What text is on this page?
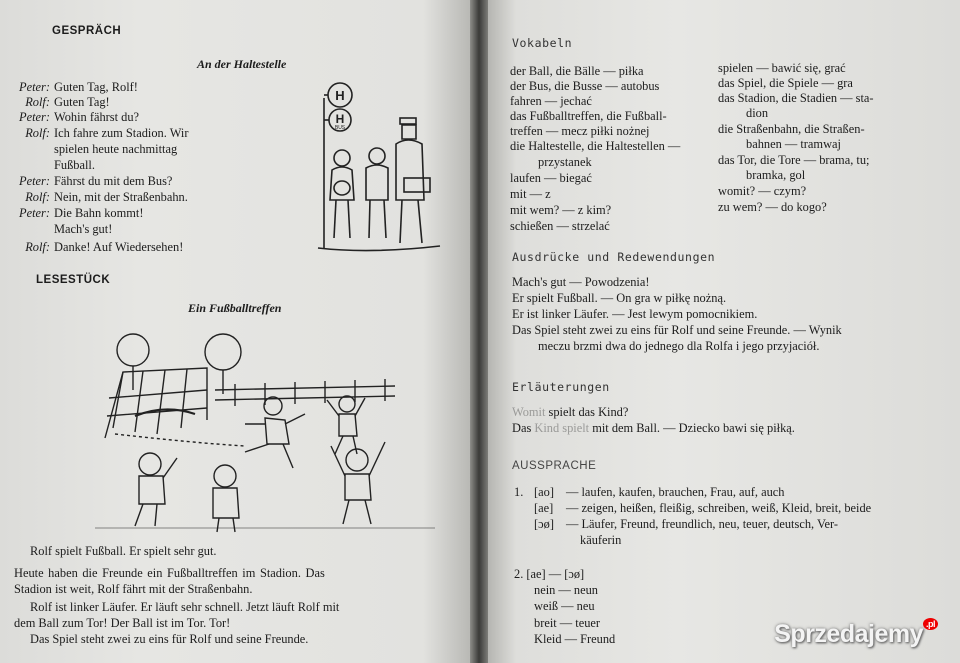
GESPRÄCH
An der Haltestelle
Peter: Guten Tag, Rolf!
Rolf: Guten Tag!
Peter: Wohin fährst du?
Rolf: Ich fahre zum Stadion. Wir
spielen heute nachmittag
Fußball.
Peter: Fährst du mit dem Bus?
Rolf: Nein, mit der Straßenbahn.
Peter: Die Bahn kommt!
Mach's gut!
Rolf: Danke! Auf Wiedersehen!
H
H
BUS
LESESTÜCK
Ein Fußballtreffen
Rolf spielt Fußball. Er spielt sehr gut.
Heute haben die Freunde ein Fußballtreffen im Stadion. Das
Stadion ist weit, Rolf fährt mit der Straßenbahn.
Rolf ist linker Läufer. Er läuft sehr schnell. Jetzt läuft Rolf mit
dem Ball zum Tor! Der Ball ist im Tor. Tor!
Das Spiel steht zwei zu eins für Rolf und seine Freunde.
Vokabeln
der Ball, die Bälle — piłka
der Bus, die Busse — autobus
fahren — jechać
das Fußballtreffen, die Fußball-
treffen — mecz piłki nożnej
die Haltestelle, die Haltestellen —
przystanek
laufen — biegać
mit — z
mit wem? — z kim?
schießen — strzelać
spielen — bawić się, grać
das Spiel, die Spiele — gra
das Stadion, die Stadien — sta-
dion
die Straßenbahn, die Straßen-
bahnen — tramwaj
das Tor, die Tore — brama, tu;
bramka, gol
womit? — czym?
zu wem? — do kogo?
Ausdrücke und Redewendungen
Mach's gut — Powodzenia!
Er spielt Fußball. — On gra w piłkę nożną.
Er ist linker Läufer. — Jest lewym pomocnikiem.
Das Spiel steht zwei zu eins für Rolf und seine Freunde. — Wynik
meczu brzmi dwa do jednego dla Rolfa i jego przyjaciół.
Erläuterungen
Womit spielt das Kind?
Das Kind spielt mit dem Ball. — Dziecko bawi się piłką.
AUSSPRACHE
1. [ao] — laufen, kaufen, brauchen, Frau, auf, auch
[ae] — zeigen, heißen, fleißig, schreiben, weiß, Kleid, breit, beide
[ɔø] — Läufer, Freund, freundlich, neu, teuer, deutsch, Ver-
käuferin
2. [ae] — [ɔø]
nein — neun
weiß — neu
breit — teuer
Kleid — Freund	Sprzedajemy $^{.pl}$
